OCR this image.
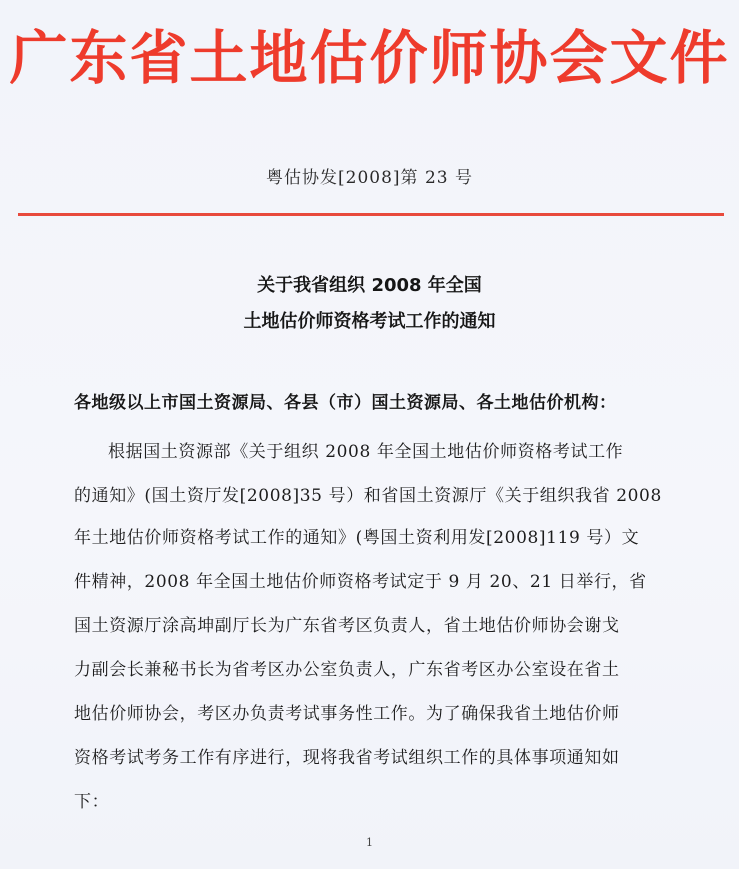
广东省土地估价师协会文件
粤估协发[2008]第 23 号
关于我省组织 2008 年全国
土地估价师资格考试工作的通知
各地级以上市国土资源局、各县（市）国土资源局、各土地估价机构：
根据国土资源部《关于组织 2008 年全国土地估价师资格考试工作
的通知》(国土资厅发[2008]35 号）和省国土资源厅《关于组织我省 2008
年土地估价师资格考试工作的通知》(粤国土资利用发[2008]119 号）文
件精神，2008 年全国土地估价师资格考试定于 9 月 20、21 日举行，省
国土资源厅涂高坤副厅长为广东省考区负责人，省土地估价师协会谢戈
力副会长兼秘书长为省考区办公室负责人，广东省考区办公室设在省土
地估价师协会，考区办负责考试事务性工作。为了确保我省土地估价师
资格考试考务工作有序进行，现将我省考试组织工作的具体事项通知如
下：
1
